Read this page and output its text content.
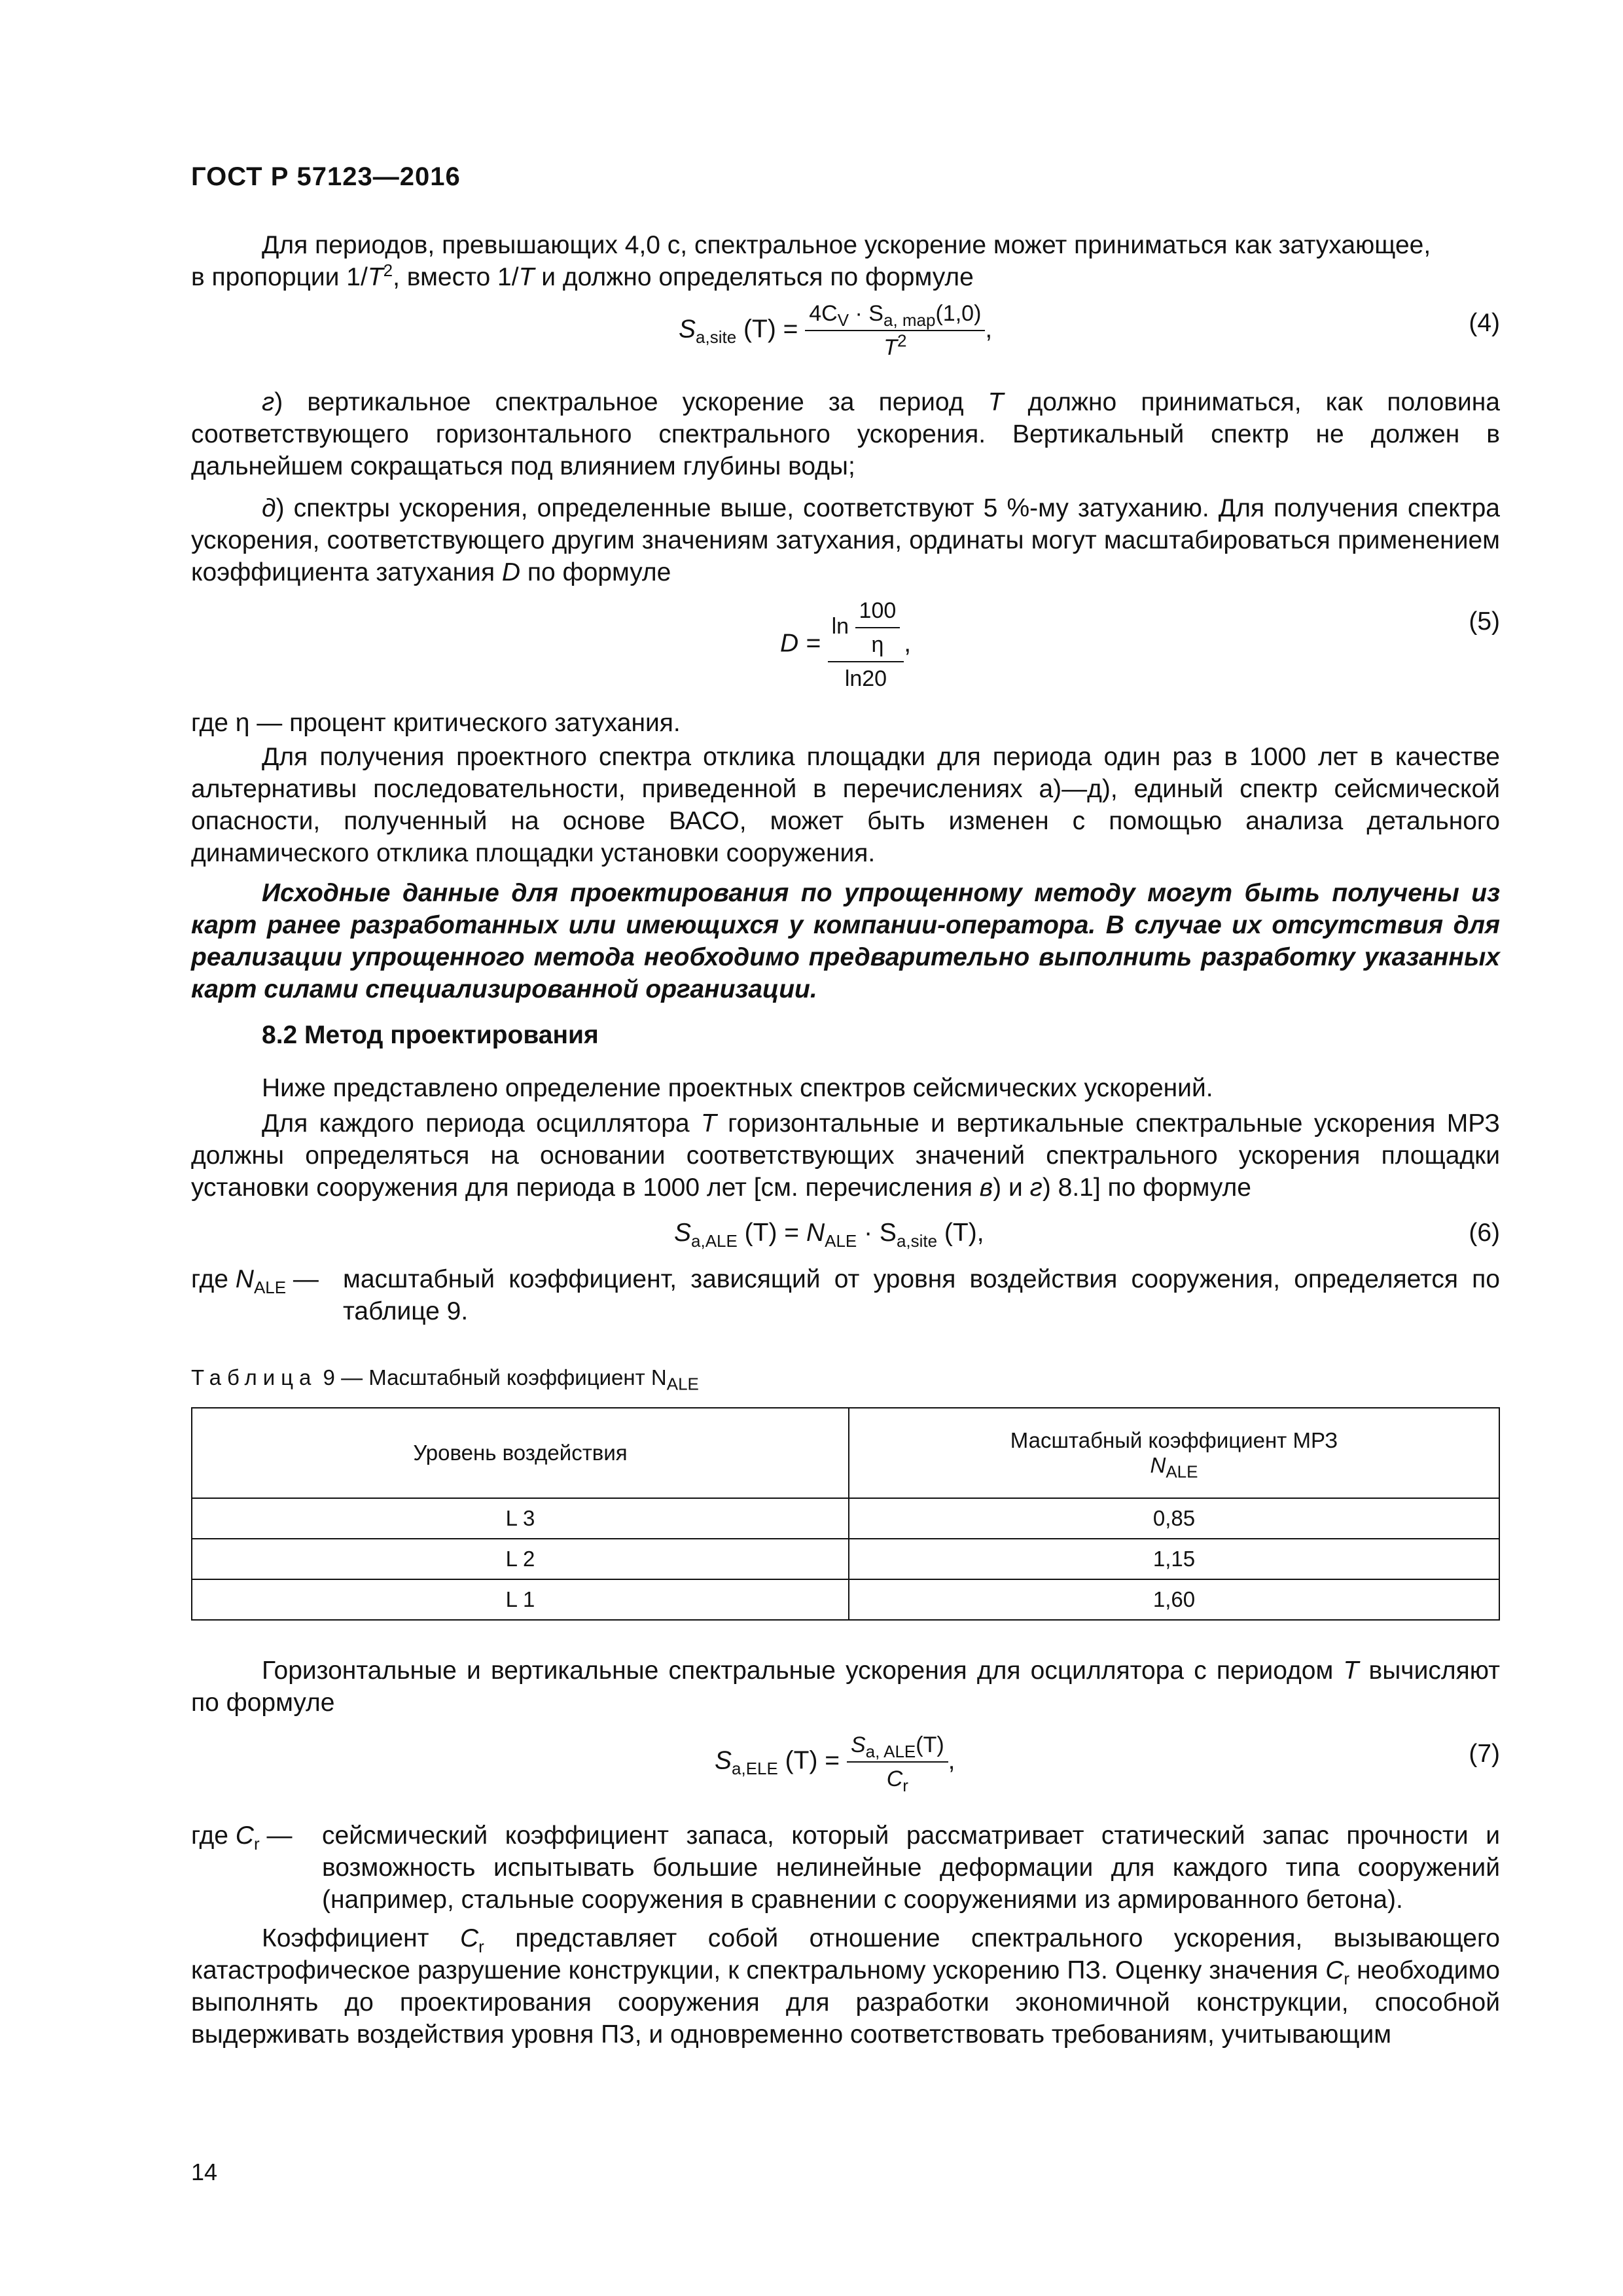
ГОСТ Р 57123—2016
Для периодов, превышающих 4,0 с, спектральное ускорение может приниматься как затухающее,
в пропорции $1/T^2$, вместо 1/T и должно определяться по формуле
$S_{a,site}$ $(T) = \frac{4C_V \cdot S_{a, map}(1,0)}{T^2}$ ,	(4)
г) вертикальное спектральное ускорение за период T должно приниматься, как половина соответствующего горизонтального спектрального ускорения. Вертикальный спектр не должен в дальнейшем сокращаться под влиянием глубины воды;
д) спектры ускорения, определенные выше, соответствуют 5 %-му затуханию. Для получения спектра ускорения, соответствующего другим значениям затухания, ординаты могут масштабироваться применением коэффициента затухания D по формуле
$D = \frac{\ln \frac{100}{\eta}}{\ln 20}$ ,
(5)
где η — процент критического затухания.
Для получения проектного спектра отклика площадки для периода один раз в 1000 лет в качестве альтернативы последовательности, приведенной в перечислениях а)—д), единый спектр сейсмической опасности, полученный на основе ВАСО, может быть изменен с помощью анализа детального динамического отклика площадки установки сооружения.
Исходные данные для проектирования по упрощенному методу могут быть получены из карт ранее разработанных или имеющихся у компании-оператора. В случае их отсутствия для реализации упрощенного метода необходимо предварительно выполнить разработку указанных карт силами специализированной организации.
8.2 Метод проектирования
Ниже представлено определение проектных спектров сейсмических ускорений.
Для каждого периода осциллятора T горизонтальные и вертикальные спектральные ускорения МРЗ должны определяться на основании соответствующих значений спектрального ускорения площадки установки сооружения для периода в 1000 лет [см. перечисления в) и г) 8.1] по формуле
$S_{a,ALE}$ $(T) = N_{ALE} \cdot S_{a,site}$ (T),	(6)
где $N_{ALE}$ — масштабный коэффициент, зависящий от уровня воздействия сооружения, определяется по таблице 9.
Таблица 9 — Масштабный коэффициент $N_{ALE}$
Уровень воздействия	Масштабный коэффициент МРЗ
$N_{ALE}$
L 3	0,85
L 2	1,15
L 1	1,60
Горизонтальные и вертикальные спектральные ускорения для осциллятора с периодом T вычисляют по формуле
$S_{a,ELE}$ $(T) = \frac{S_{a, ALE}(T)}{C_r}$ ,	(7)
где $C_r$ — сейсмический коэффициент запаса, который рассматривает статический запас прочности и возможность испытывать большие нелинейные деформации для каждого типа сооружений (например, стальные сооружения в сравнении с сооружениями из армированного бетона).
Коэффициент $C_r$ представляет собой отношение спектрального ускорения, вызывающего катастрофическое разрушение конструкции, к спектральному ускорению ПЗ. Оценку значения $C_r$ необходимо выполнять до проектирования сооружения для разработки экономичной конструкции, способной выдерживать воздействия уровня ПЗ, и одновременно соответствовать требованиям, учитывающим
14
